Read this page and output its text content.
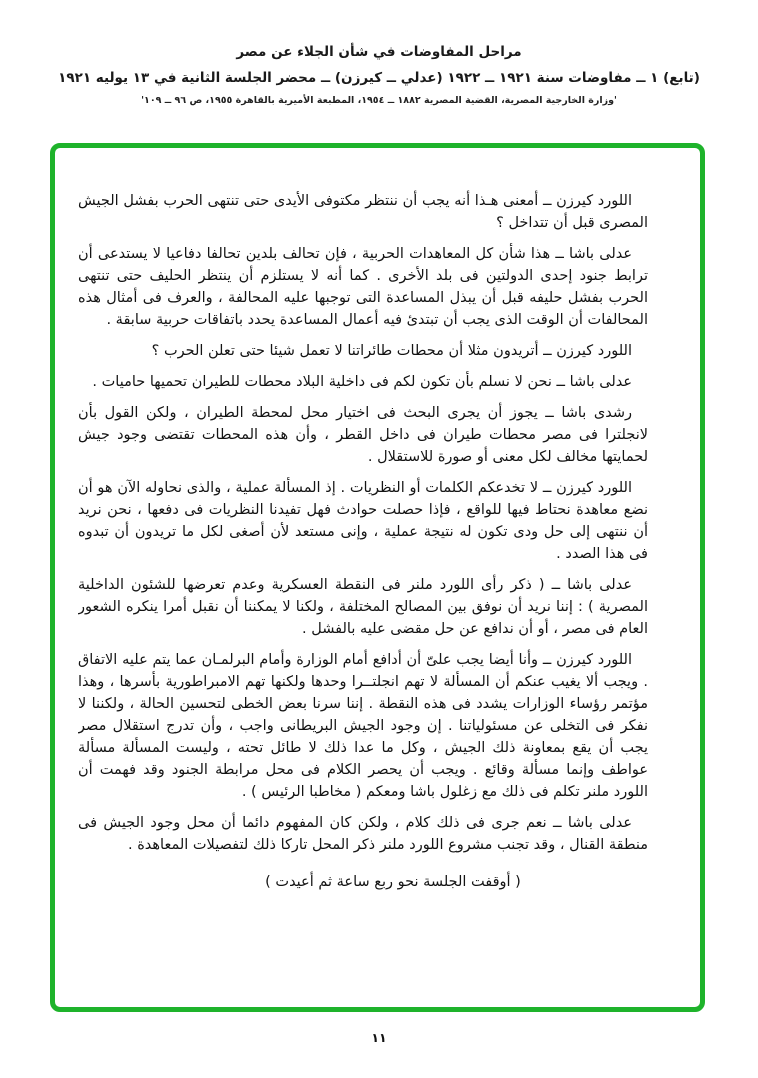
مراحل المفاوضات في شأن الجلاء عن مصر
(تابع) ١ ــ مفاوضات سنة ١٩٢١ ــ ١٩٢٢ (عدلي ــ كيرزن) ــ محضر الجلسة الثانية في ١٣ يوليه ١٩٢١
'وزارة الخارجية المصرية، القضية المصرية ١٨٨٢ ــ ١٩٥٤، المطبعة الأميرية بالقاهرة ١٩٥٥، ص ٩٦ ــ ١٠٩'

اللورد كيرزن ــ أمعنى هـذا أنه يجب أن ننتظر مكتوفى الأيدى حتى تنتهى الحرب بفشل الجيش المصرى قبل أن تتداخل ؟

عدلى باشا ــ هذا شأن كل المعاهدات الحربية ، فإن تحالف بلدين تحالفا دفاعيا لا يستدعى أن ترابط جنود إحدى الدولتين فى بلد الأخرى . كما أنه لا يستلزم أن ينتظر الحليف حتى تنتهى الحرب بفشل حليفه قبل أن يبذل المساعدة التى توجبها عليه المحالفة ، والعرف فى أمثال هذه المحالفات أن الوقت الذى يجب أن تبتدئ فيه أعمال المساعدة يحدد باتفاقات حربية سابقة .

اللورد كيرزن ــ أتريدون مثلا أن محطات طائراتنا لا تعمل شيئا حتى تعلن الحرب ؟

عدلى باشا ــ نحن لا نسلم بأن تكون لكم فى داخلية البلاد محطات للطيران تحميها حاميات .

رشدى باشا ــ يجوز أن يجرى البحث فى اختيار محل لمحطة الطيران ، ولكن القول بأن لانجلترا فى مصر محطات طيران فى داخل القطر ، وأن هذه المحطات تقتضى وجود جيش لحمايتها مخالف لكل معنى أو صورة للاستقلال .

اللورد كيرزن ــ لا تخدعكم الكلمات أو النظريات . إذ المسألة عملية ، والذى نحاوله الآن هو أن نضع معاهدة نحتاط فيها للواقع ، فإذا حصلت حوادث فهل تفيدنا النظريات فى دفعها ، نحن نريد أن ننتهى إلى حل ودى تكون له نتيجة عملية ، وإنى مستعد لأن أصغى لكل ما تريدون أن تبدوه فى هذا الصدد .

عدلى باشا ــ ( ذكر رأى اللورد ملنر فى النقطة العسكرية وعدم تعرضها للشئون الداخلية المصرية ) : إننا نريد أن نوفق بين المصالح المختلفة ، ولكنا لا يمكننا أن نقبل أمرا ينكره الشعور العام فى مصر ، أو أن ندافع عن حل مقضى عليه بالفشل .

اللورد كيرزن ــ وأنا أيضا يجب علىّ أن أدافع أمام الوزارة وأمام البرلمـان عما يتم عليه الاتفاق . ويجب ألا يغيب عنكم أن المسألة لا تهم انجلتــرا وحدها ولكنها تهم الامبراطورية بأسرها ، وهذا مؤتمر رؤساء الوزارات يشدد فى هذه النقطة . إننا سرنا بعض الخطى لتحسين الحالة ، ولكننا لا نفكر فى التخلى عن مسئولياتنا . إن وجود الجيش البريطانى واجب ، وأن تدرج استقلال مصر يجب أن يقع بمعاونة ذلك الجيش ، وكل ما عدا ذلك لا طائل تحته ، وليست المسألة مسألة عواطف وإنما مسألة وقائع . ويجب أن يحصر الكلام فى محل مرابطة الجنود وقد فهمت أن اللورد ملنر تكلم فى ذلك مع زغلول باشا ومعكم ( مخاطبا الرئيس ) .

عدلى باشا ــ نعم جرى فى ذلك كلام ، ولكن كان المفهوم دائما أن محل وجود الجيش فى منطقة القنال ، وقد تجنب مشروع اللورد ملنر ذكر المحل تاركا ذلك لتفصيلات المعاهدة .

( أوقفت الجلسة نحو ربع ساعة ثم أعيدت )

١١
